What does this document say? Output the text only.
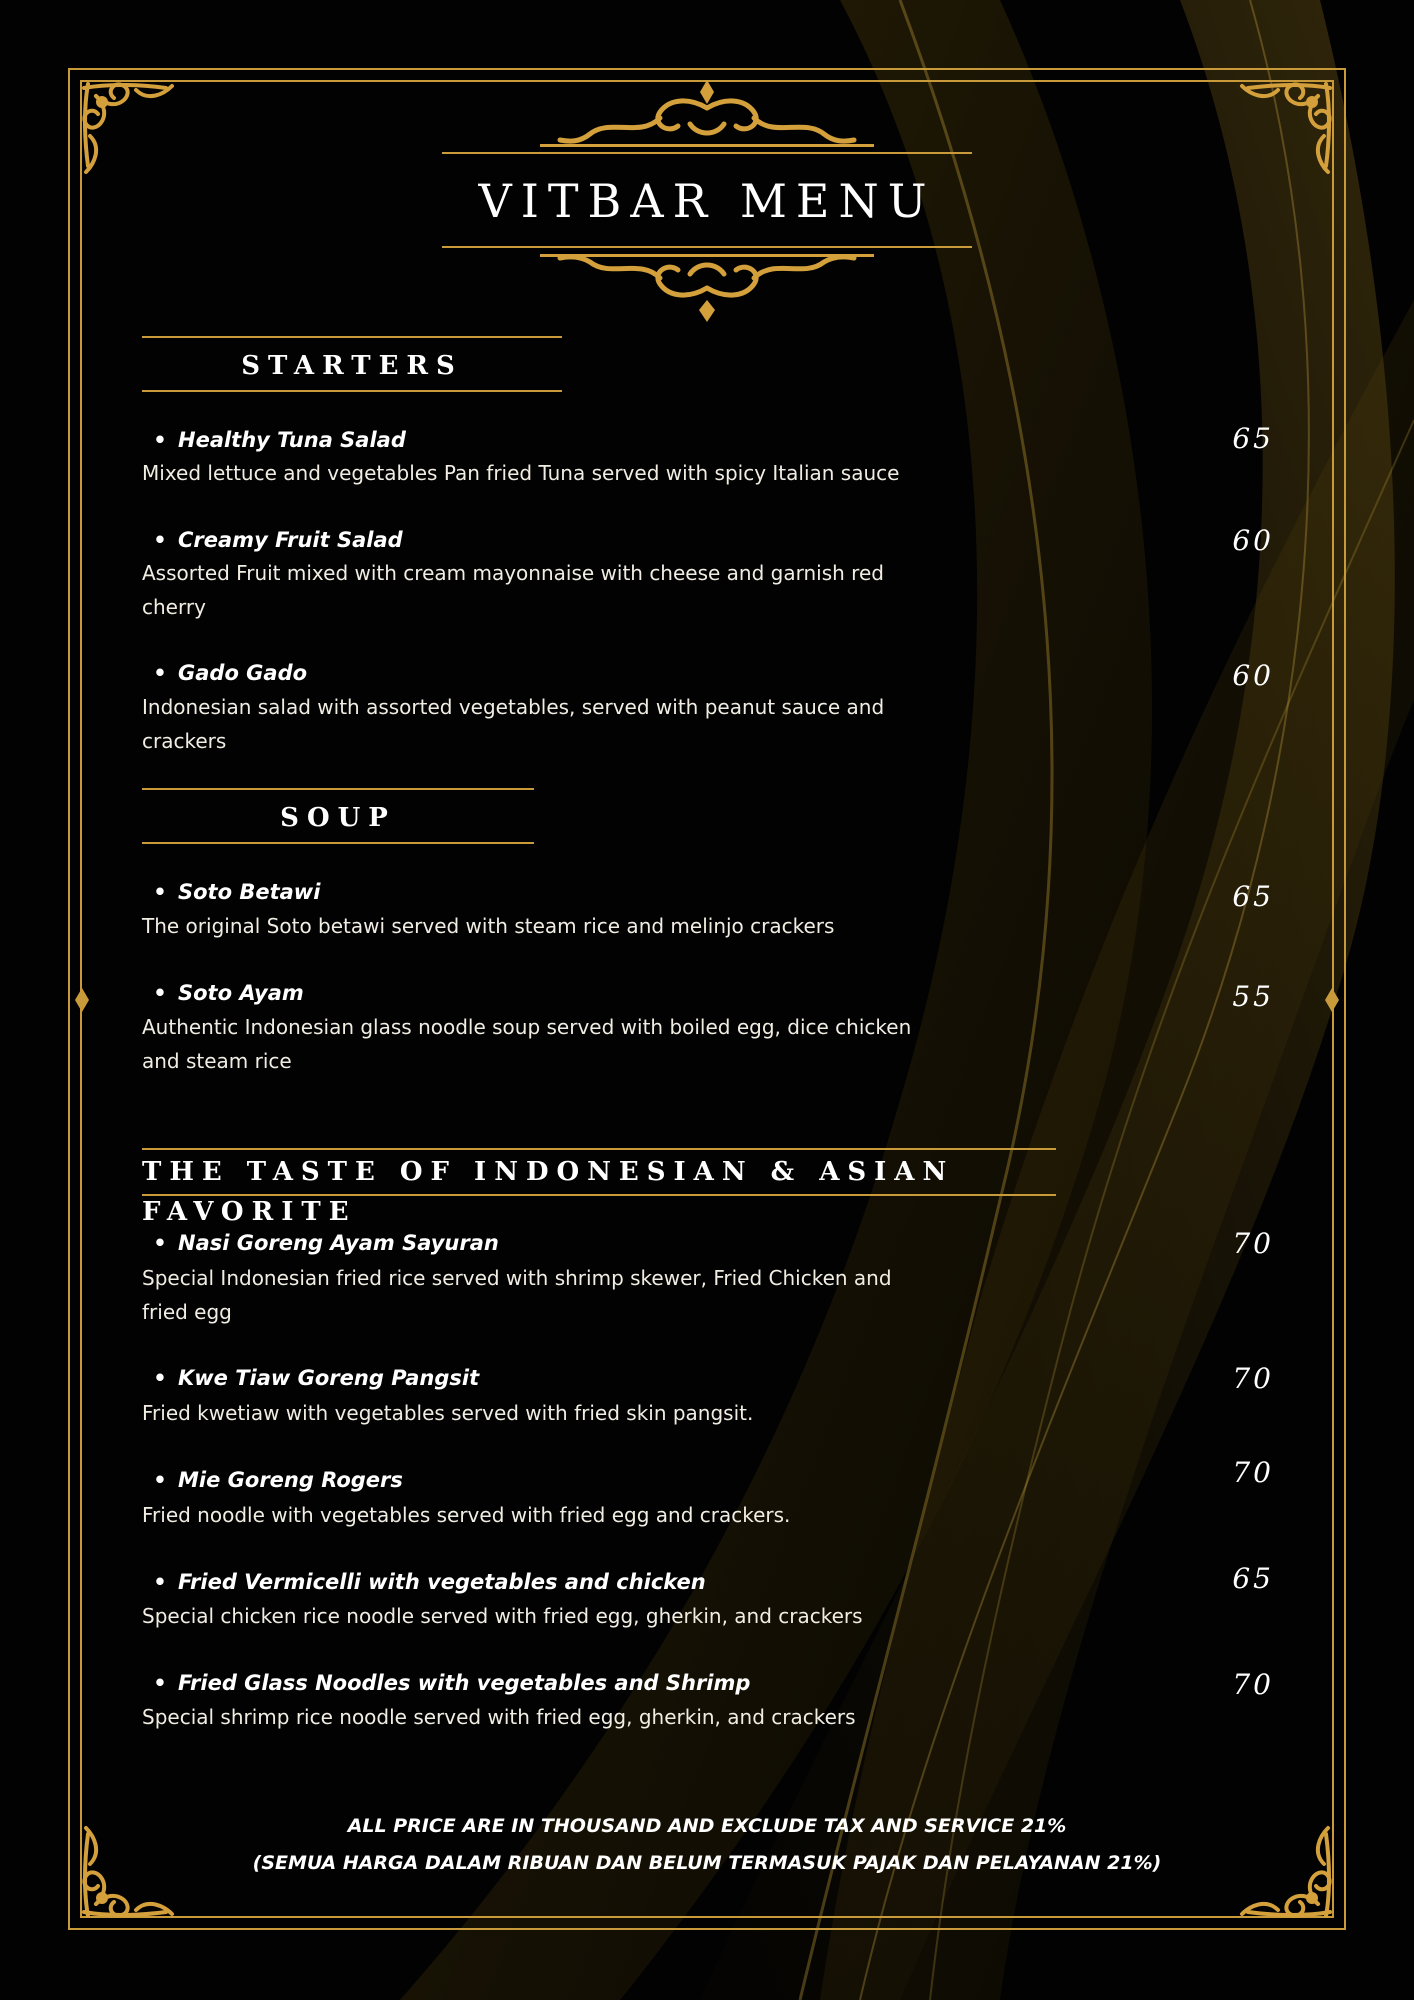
VITBAR MENU
STARTERS
• Healthy Tuna Salad	65
Mixed lettuce and vegetables Pan fried Tuna served with spicy Italian sauce
• Creamy Fruit Salad	60
Assorted Fruit mixed with cream mayonnaise with cheese and garnish red cherry
• Gado Gado	60
Indonesian salad with assorted vegetables, served with peanut sauce and crackers
SOUP
• Soto Betawi	65
The original Soto betawi served with steam rice and melinjo crackers
• Soto Ayam	55
Authentic Indonesian glass noodle soup served with boiled egg, dice chicken and steam rice
THE TASTE OF INDONESIAN & ASIAN FAVORITE
• Nasi Goreng Ayam Sayuran	70
Special Indonesian fried rice served with shrimp skewer, Fried Chicken and fried egg
• Kwe Tiaw Goreng Pangsit	70
Fried kwetiaw with vegetables served with fried skin pangsit.
• Mie Goreng Rogers	70
Fried noodle with vegetables served with fried egg and crackers.
• Fried Vermicelli with vegetables and chicken	65
Special chicken rice noodle served with fried egg, gherkin, and crackers
• Fried Glass Noodles with vegetables and Shrimp	70
Special shrimp rice noodle served with fried egg, gherkin, and crackers
ALL PRICE ARE IN THOUSAND AND EXCLUDE TAX AND SERVICE 21%
(SEMUA HARGA DALAM RIBUAN DAN BELUM TERMASUK PAJAK DAN PELAYANAN 21%)
